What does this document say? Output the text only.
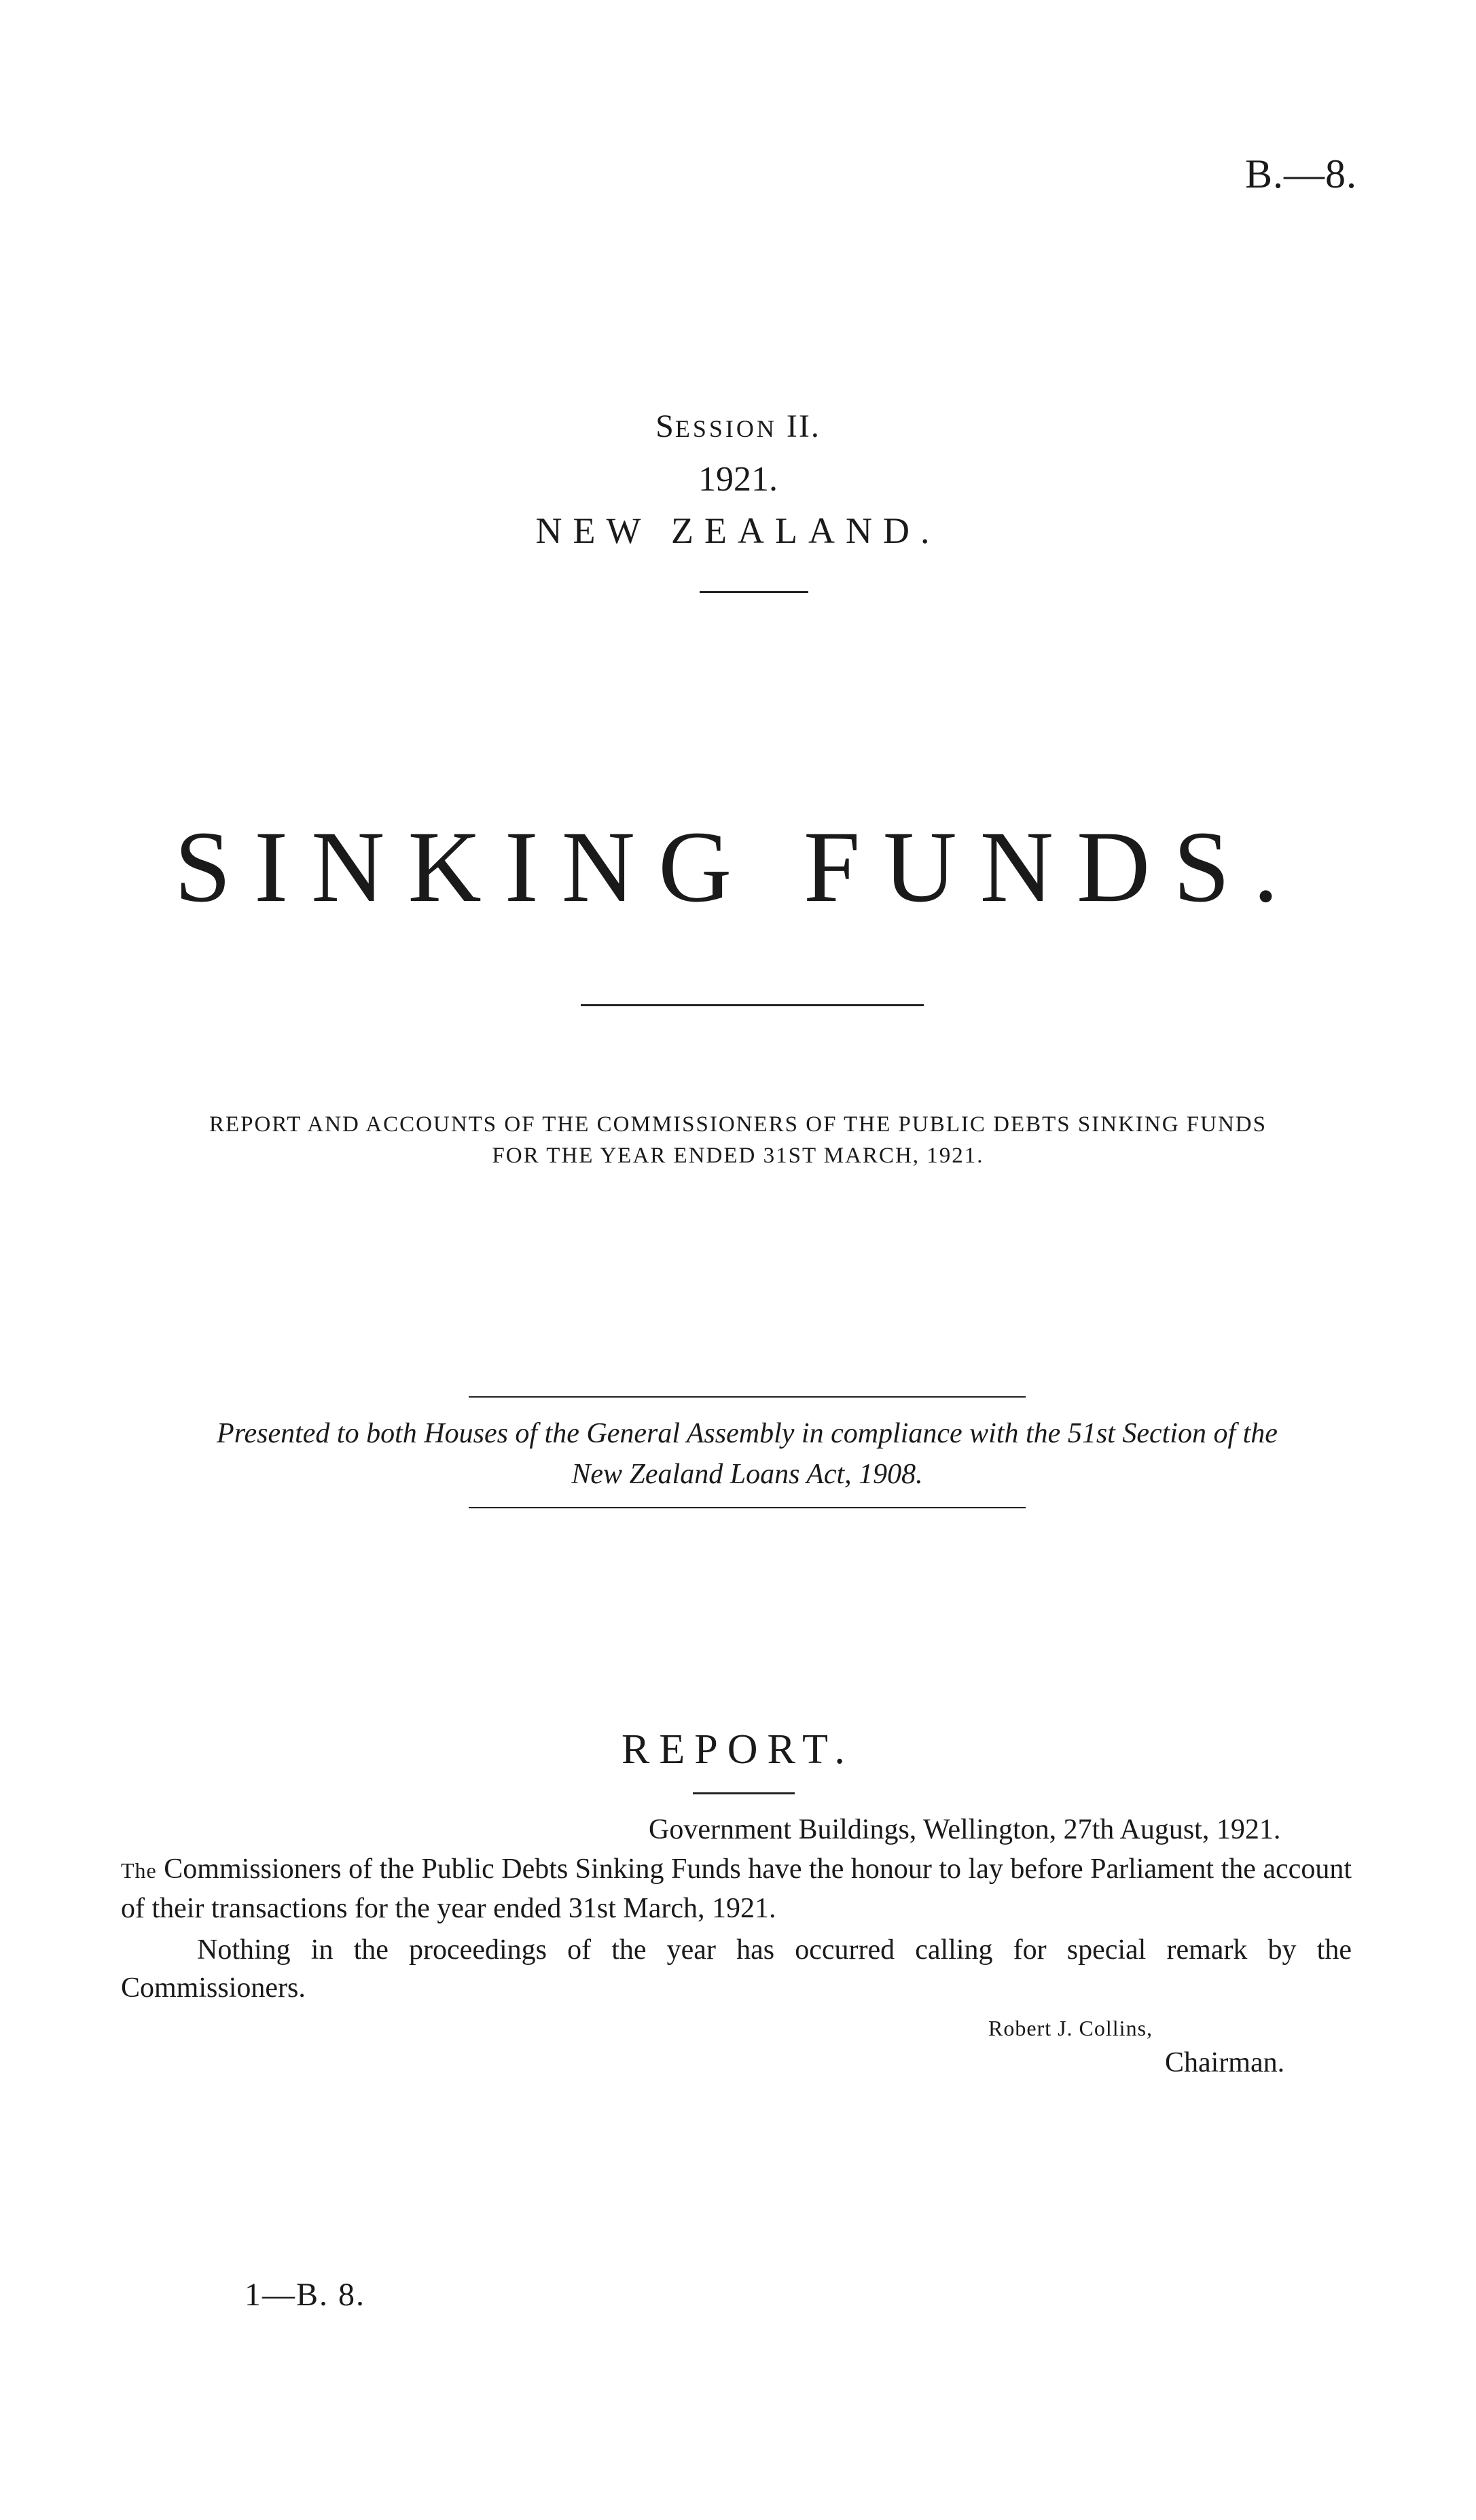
B.—8.
SESSION II.
1921.
NEW ZEALAND.
SINKING FUNDS.
REPORT AND ACCOUNTS OF THE COMMISSIONERS OF THE PUBLIC DEBTS SINKING FUNDS
FOR THE YEAR ENDED 31ST MARCH, 1921.
Presented to both Houses of the General Assembly in compliance with the 51st Section of the
New Zealand Loans Act, 1908.
REPORT.
Government Buildings, Wellington, 27th August, 1921.
The Commissioners of the Public Debts Sinking Funds have the honour to lay before Parliament the account of their transactions for the year ended 31st March, 1921.
Nothing in the proceedings of the year has occurred calling for special remark by the Commissioners.
Robert J. Collins,
Chairman.
1—B. 8.
